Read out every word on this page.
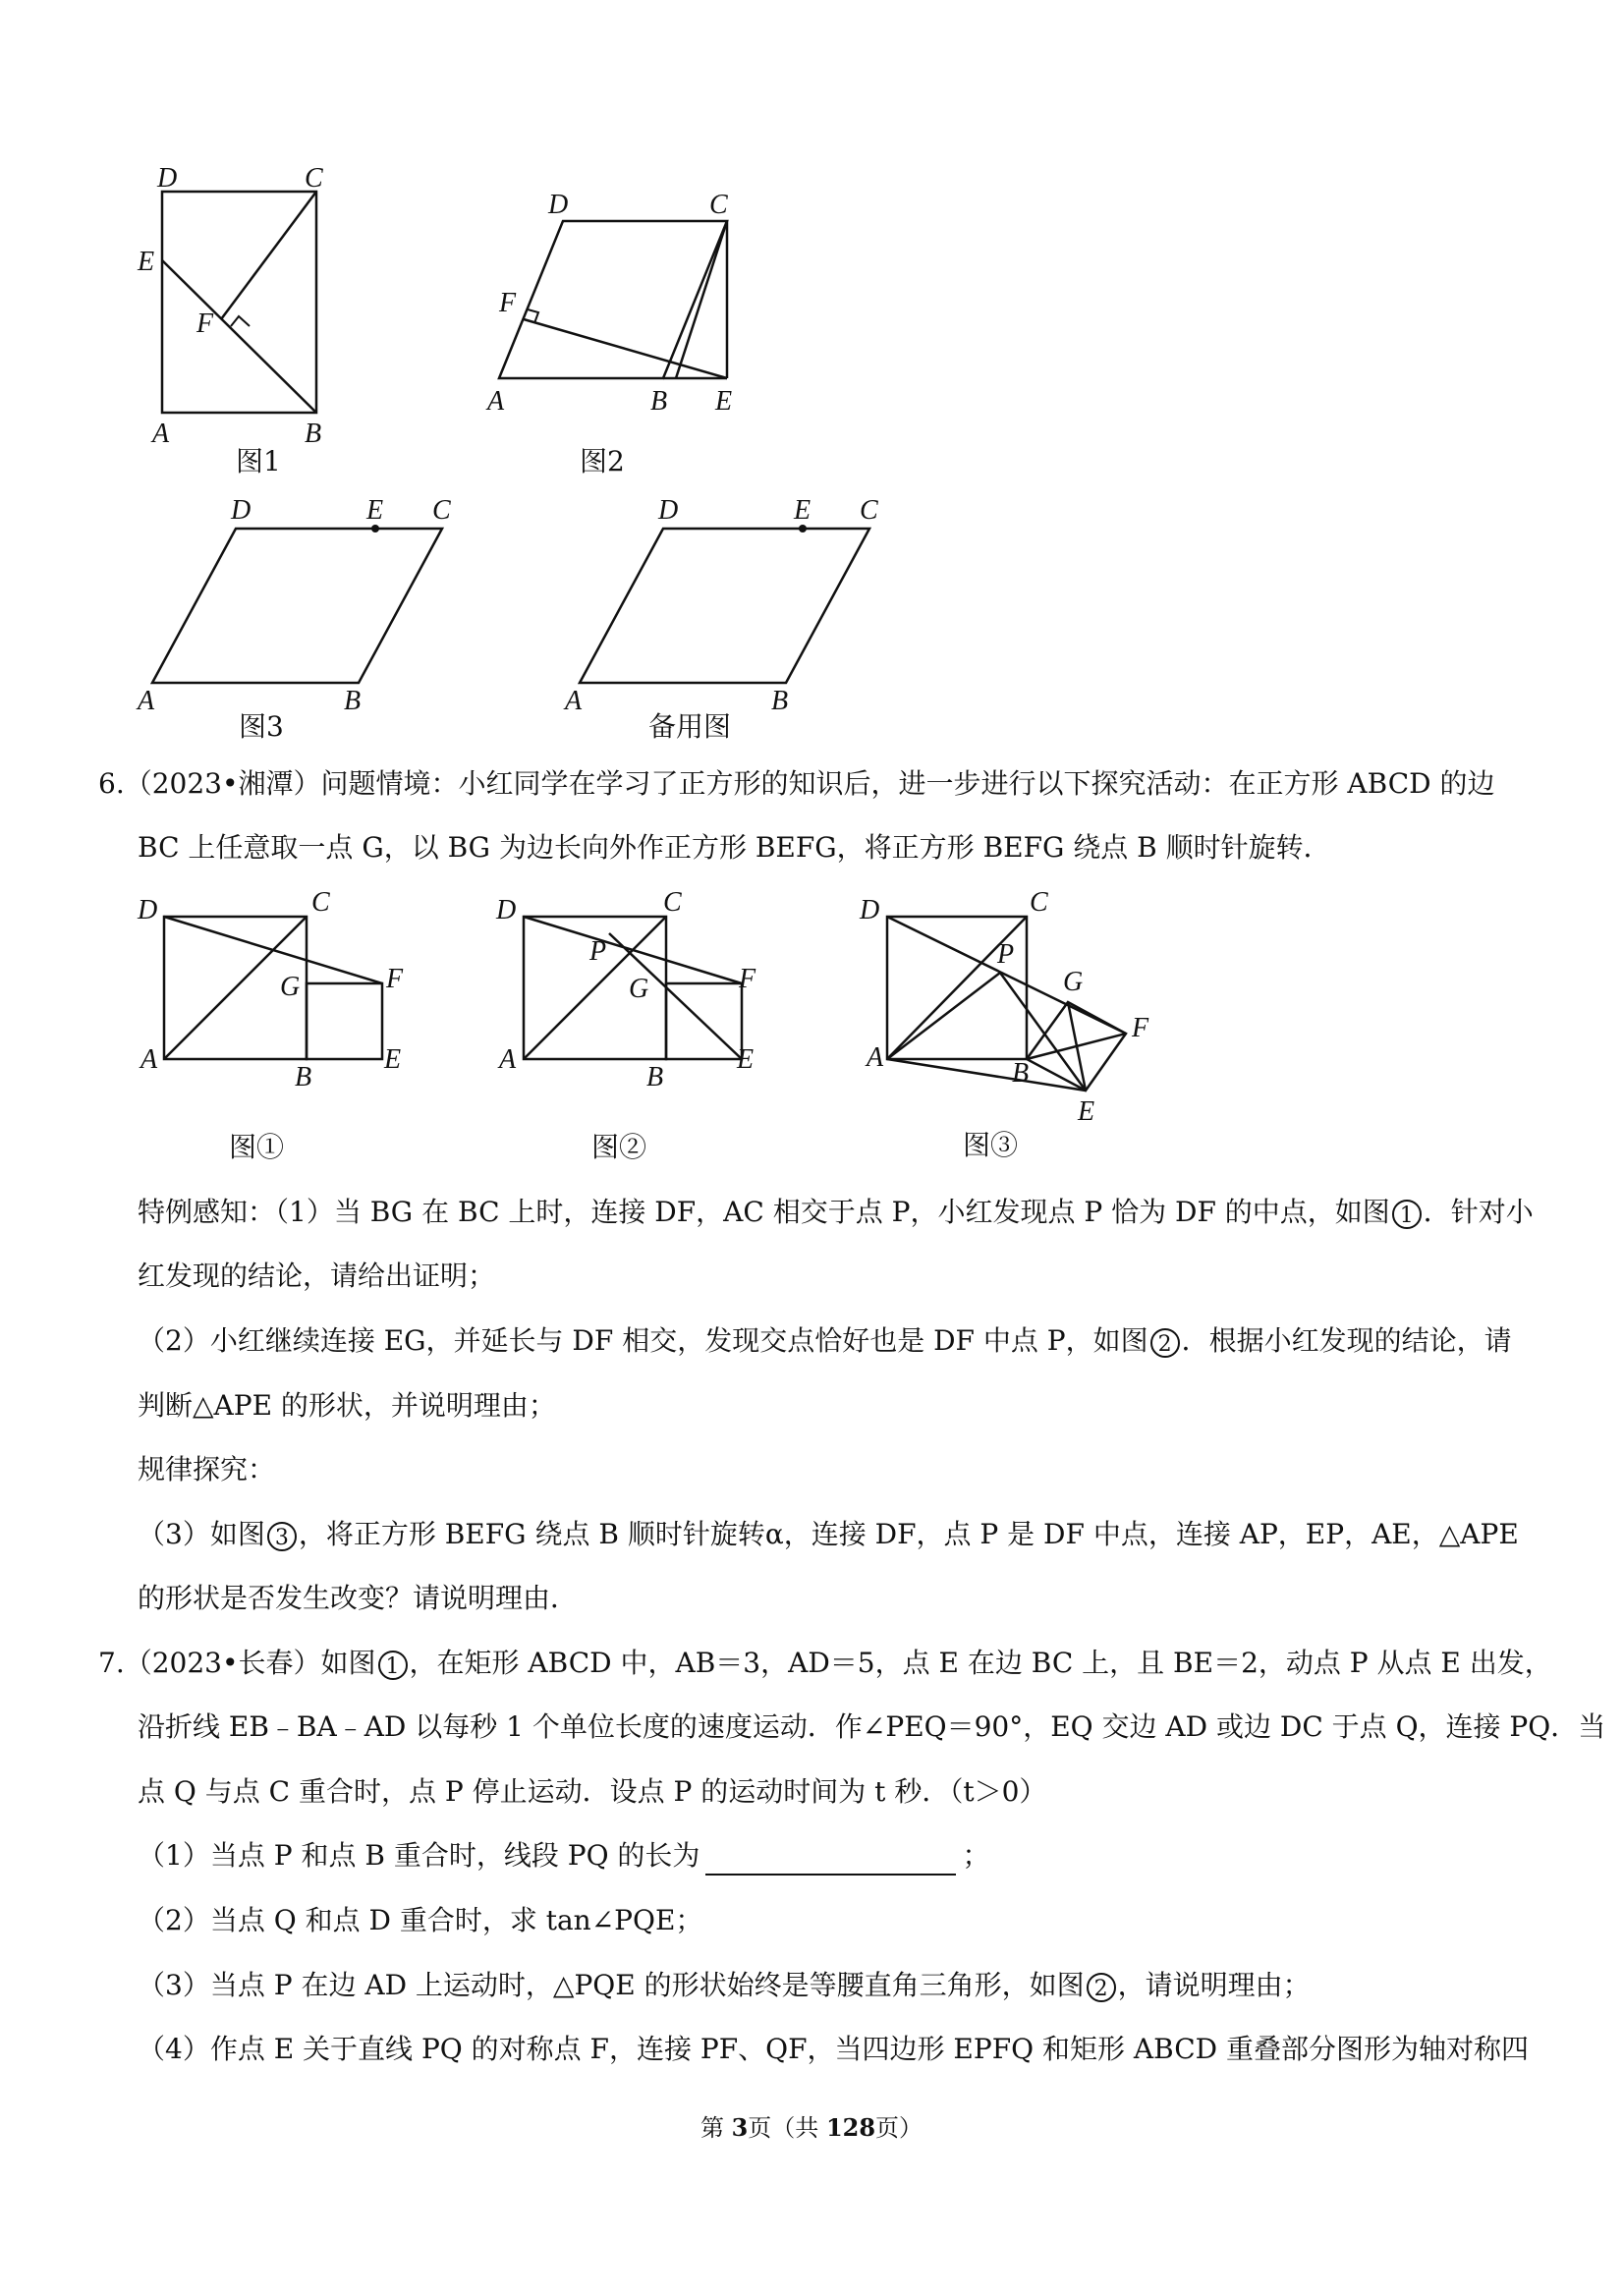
D	C
E
F
A	B
图1
D	C
F
A	B E
图2
D	E C
A	B
图3
D	E C
A	B
备用图
6.（2023•湘潭）问题情境：小红同学在学习了正方形的知识后，进一步进行以下探究活动：在正方形 ABCD 的边
BC 上任意取一点 G，以 BG 为边长向外作正方形 BEFG，将正方形 BEFG 绕点 B 顺时针旋转．
D	C
G	F
A
B
E
图①
D	C
P
G	F
A
B
E
图②
D	C
P
G
F
A
B
E
图③
特例感知：（1）当 BG 在 BC 上时，连接 DF，AC 相交于点 P，小红发现点 P 恰为 DF 的中点，如图 1 ．针对小
红发现的结论，请给出证明；
（2）小红继续连接 EG，并延长与 DF 相交，发现交点恰好也是 DF 中点 P，如图 2 ．根据小红发现的结论，请
判断△APE 的形状，并说明理由；
规律探究：
（3）如图 3 ，将正方形 BEFG 绕点 B 顺时针旋转α，连接 DF，点 P 是 DF 中点，连接 AP，EP，AE，△APE
的形状是否发生改变？请说明理由．
7.（2023•长春）如图 1 ，在矩形 ABCD 中，AB＝3，AD＝5，点 E 在边 BC 上，且 BE＝2，动点 P 从点 E 出发，
沿折线 EB﹣BA﹣AD 以每秒 1 个单位长度的速度运动．作∠PEQ＝90°，EQ 交边 AD 或边 DC 于点 Q，连接 PQ．当
点 Q 与点 C 重合时，点 P 停止运动．设点 P 的运动时间为 t 秒．（t＞0）
（1）当点 P 和点 B 重合时，线段 PQ 的长为	；
（2）当点 Q 和点 D 重合时，求 tan∠PQE；
（3）当点 P 在边 AD 上运动时，△PQE 的形状始终是等腰直角三角形，如图 2 ，请说明理由；
（4）作点 E 关于直线 PQ 的对称点 F，连接 PF、QF，当四边形 EPFQ 和矩形 ABCD 重叠部分图形为轴对称四
第 3页（共 128页）
